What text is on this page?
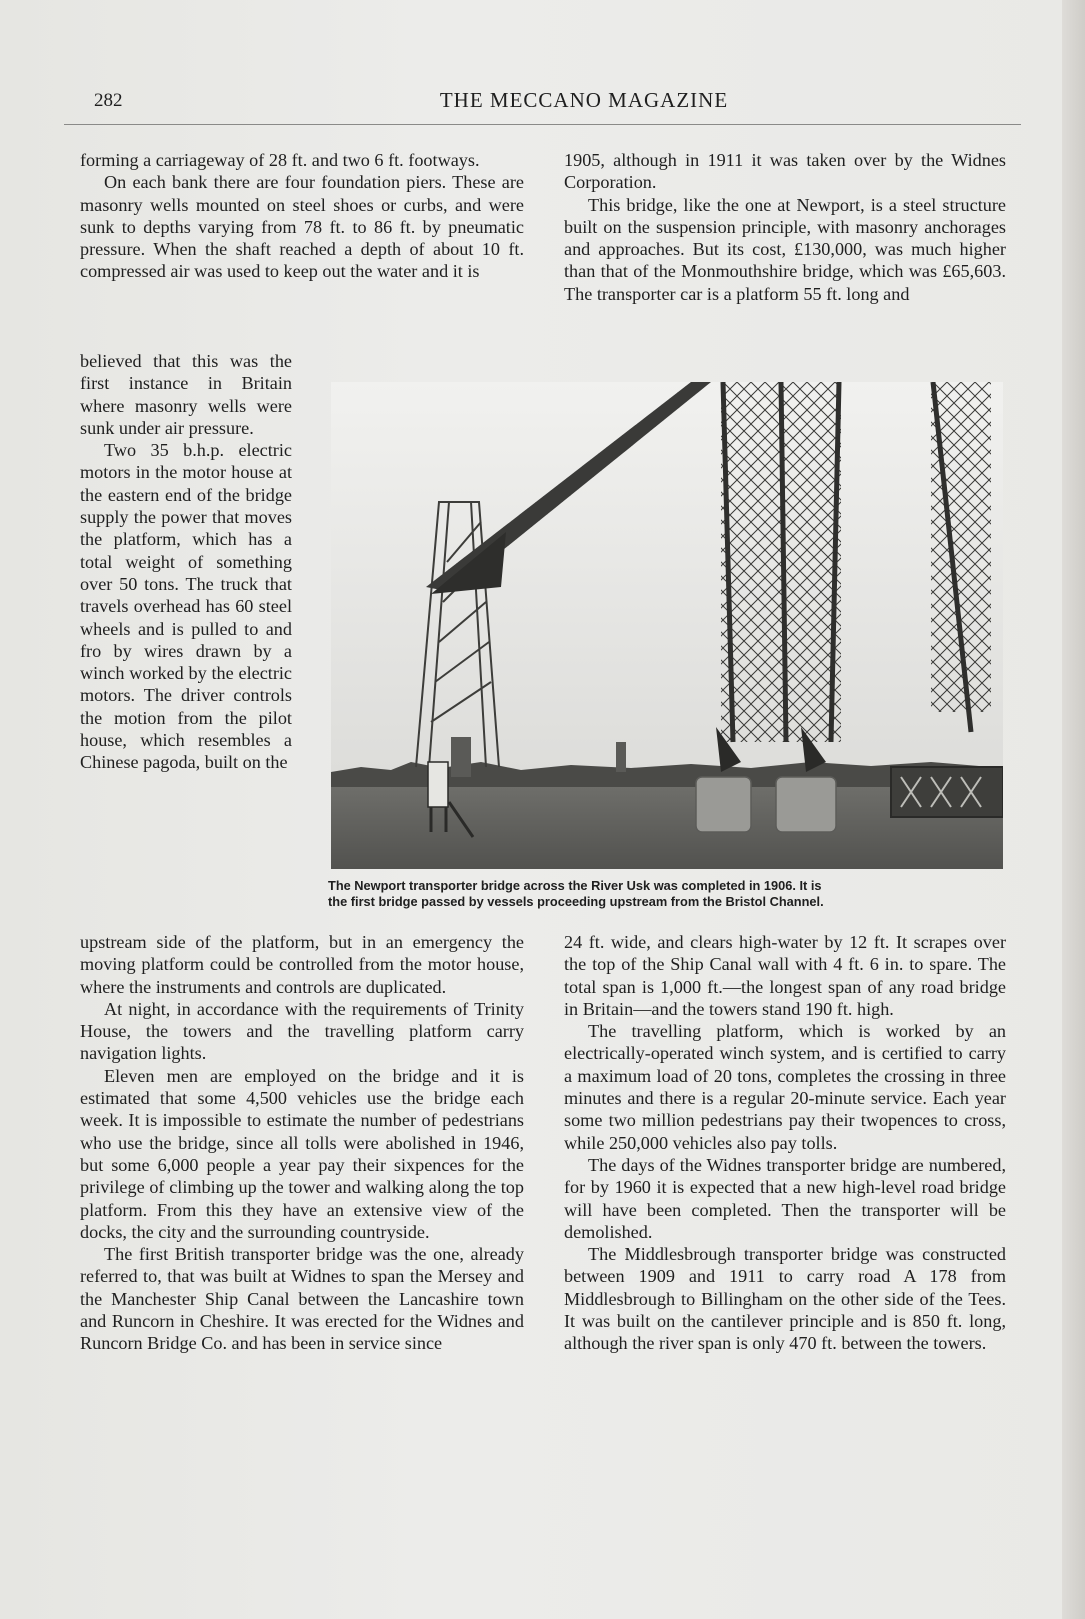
282	THE MECCANO MAGAZINE

forming a carriageway of 28 ft. and two 6 ft. footways.

On each bank there are four foundation piers. These are masonry wells mounted on steel shoes or curbs, and were sunk to depths varying from 78 ft. to 86 ft. by pneumatic pressure. When the shaft reached a depth of about 10 ft. compressed air was used to keep out the water and it is

believed that this was the first instance in Britain where masonry wells were sunk under air pressure.

Two 35 b.h.p. electric motors in the motor house at the eastern end of the bridge supply the power that moves the platform, which has a total weight of something over 50 tons. The truck that travels overhead has 60 steel wheels and is pulled to and fro by wires drawn by a winch worked by the electric motors. The driver controls the motion from the pilot house, which resembles a Chinese pagoda, built on the

upstream side of the platform, but in an emergency the moving platform could be controlled from the motor house, where the instruments and controls are duplicated.

At night, in accordance with the requirements of Trinity House, the towers and the travelling platform carry navigation lights.

Eleven men are employed on the bridge and it is estimated that some 4,500 vehicles use the bridge each week. It is impossible to estimate the number of pedestrians who use the bridge, since all tolls were abolished in 1946, but some 6,000 people a year pay their sixpences for the privilege of climbing up the tower and walking along the top platform. From this they have an extensive view of the docks, the city and the surrounding countryside.

The first British transporter bridge was the one, already referred to, that was built at Widnes to span the Mersey and the Manchester Ship Canal between the Lancashire town and Runcorn in Cheshire. It was erected for the Widnes and Runcorn Bridge Co. and has been in service since

1905, although in 1911 it was taken over by the Widnes Corporation.

This bridge, like the one at Newport, is a steel structure built on the suspension principle, with masonry anchorages and approaches. But its cost, £130,000, was much higher than that of the Monmouthshire bridge, which was £65,603. The transporter car is a platform 55 ft. long and

The Newport transporter bridge across the River Usk was completed in 1906. It is
the first bridge passed by vessels proceeding upstream from the Bristol Channel.

24 ft. wide, and clears high-water by 12 ft. It scrapes over the top of the Ship Canal wall with 4 ft. 6 in. to spare. The total span is 1,000 ft.—the longest span of any road bridge in Britain—and the towers stand 190 ft. high.

The travelling platform, which is worked by an electrically-operated winch system, and is certified to carry a maximum load of 20 tons, completes the crossing in three minutes and there is a regular 20-minute service. Each year some two million pedestrians pay their twopences to cross, while 250,000 vehicles also pay tolls.

The days of the Widnes transporter bridge are numbered, for by 1960 it is expected that a new high-level road bridge will have been completed. Then the transporter will be demolished.

The Middlesbrough transporter bridge was constructed between 1909 and 1911 to carry road A 178 from Middlesbrough to Billingham on the other side of the Tees. It was built on the cantilever principle and is 850 ft. long, although the river span is only 470 ft. between the towers.
